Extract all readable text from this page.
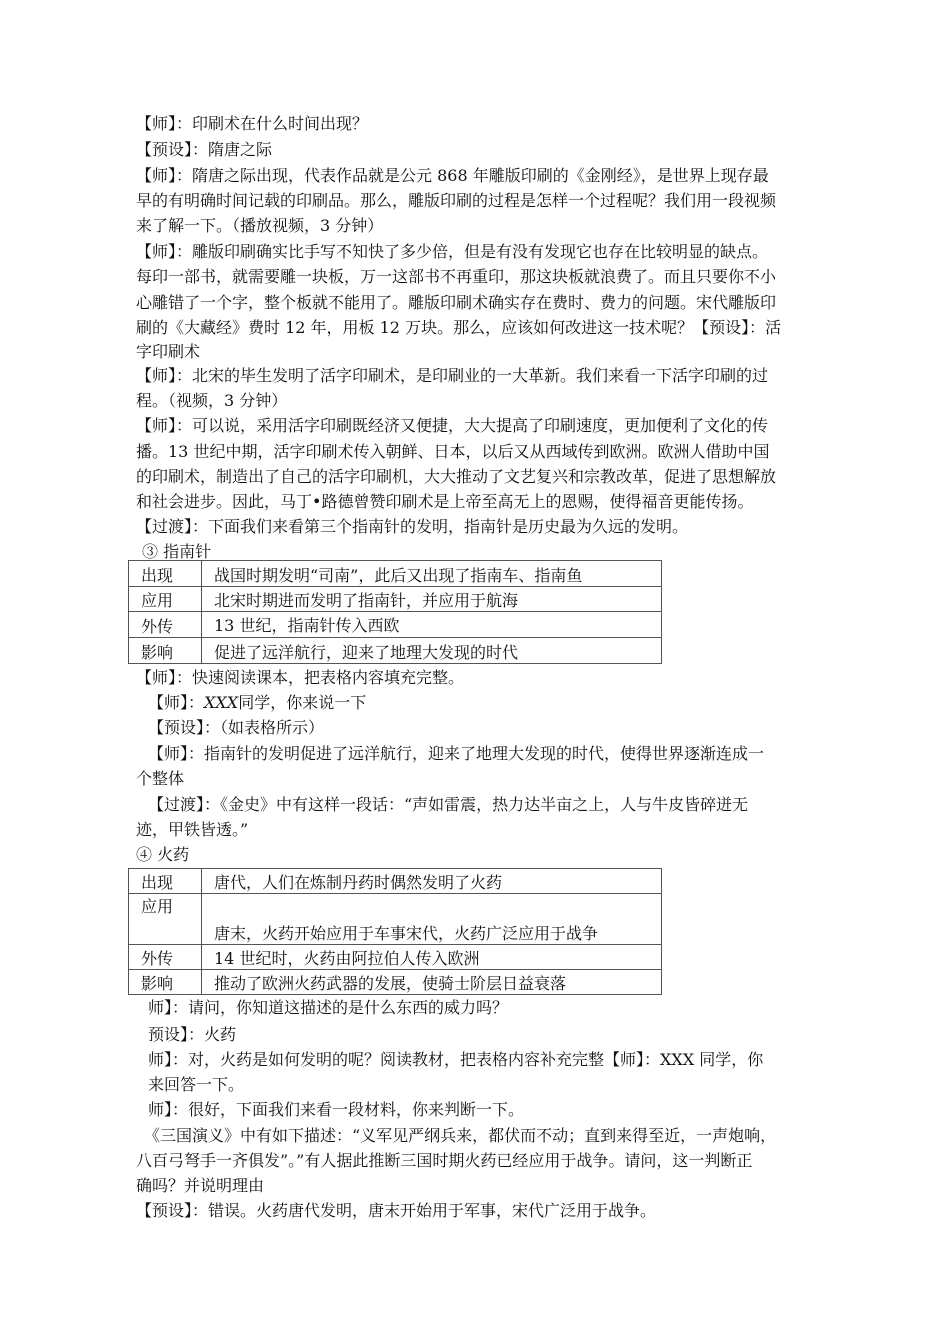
【师】：印刷术在什么时间出现？
【预设】：隋唐之际
【师】：隋唐之际出现，代表作品就是公元 868 年雕版印刷的《金刚经》，是世界上现存最
早的有明确时间记载的印刷品。那么，雕版印刷的过程是怎样一个过程呢？我们用一段视频
来了解一下。（播放视频，3 分钟）
【师】：雕版印刷确实比手写不知快了多少倍，但是有没有发现它也存在比较明显的缺点。
每印一部书，就需要雕一块板，万一这部书不再重印，那这块板就浪费了。而且只要你不小
心雕错了一个字，整个板就不能用了。雕版印刷术确实存在费时、费力的问题。宋代雕版印
刷的《大藏经》费时 12 年，用板 12 万块。那么，应该如何改进这一技术呢？【预设】：活
字印刷术
【师】：北宋的毕生发明了活字印刷术，是印刷业的一大革新。我们来看一下活字印刷的过
程。（视频，3 分钟）
【师】：可以说，采用活字印刷既经济又便捷，大大提高了印刷速度，更加便利了文化的传
播。13 世纪中期，活字印刷术传入朝鲜、日本，以后又从西域传到欧洲。欧洲人借助中国
的印刷术，制造出了自己的活字印刷机，大大推动了文艺复兴和宗教改革，促进了思想解放
和社会进步。因此，马丁•路德曾赞印刷术是上帝至高无上的恩赐，使得福音更能传扬。
【过渡】：下面我们来看第三个指南针的发明，指南针是历史最为久远的发明。
③ 指南针
出现	战国时期发明“司南”，此后又出现了指南车、指南鱼
应用	北宋时期进而发明了指南针，并应用于航海
外传	13 世纪，指南针传入西欧
影响	促进了远洋航行，迎来了地理大发现的时代
【师】：快速阅读课本，把表格内容填充完整。
【师】：XXX同学，你来说一下
【预设】：（如表格所示）
【师】：指南针的发明促进了远洋航行，迎来了地理大发现的时代，使得世界逐渐连成一
个整体
【过渡】：《金史》中有这样一段话：“声如雷震，热力达半亩之上，人与牛皮皆碎迸无
迹，甲铁皆透。”
④ 火药
出现	唐代，人们在炼制丹药时偶然发明了火药
应用	唐末，火药开始应用于车事宋代，火药广泛应用于战争
外传	14 世纪时，火药由阿拉伯人传入欧洲
影响	推动了欧洲火药武器的发展，使骑士阶层日益衰落
师】：请问，你知道这描述的是什么东西的威力吗？
预设】：火药
师】：对，火药是如何发明的呢？阅读教材，把表格内容补充完整【师】：XXX 同学，你
来回答一下。
师】：很好，下面我们来看一段材料，你来判断一下。
《三国演义》中有如下描述：“义军见严纲兵来，都伏而不动；直到来得至近，一声炮响，
八百弓弩手一齐俱发”。”有人据此推断三国时期火药已经应用于战争。请问，这一判断正
确吗？并说明理由
【预设】：错误。火药唐代发明，唐末开始用于军事，宋代广泛用于战争。
